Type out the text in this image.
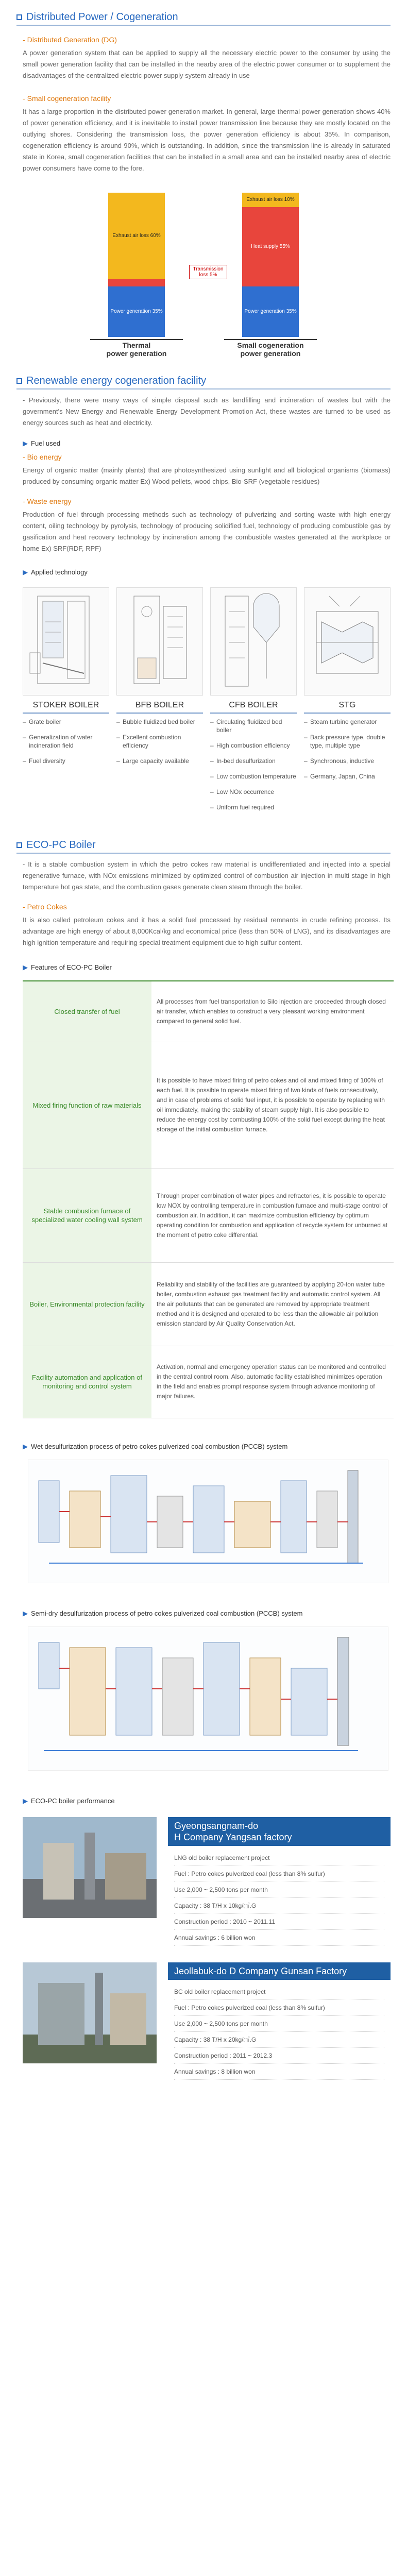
Distributed Power / Cogeneration
- Distributed Generation (DG)

A power generation system that can be applied to supply all the necessary electric power to the consumer by using the small power generation facility that can be installed in the nearby area of the electric power consumer or to supplement the disadvantages of the centralized electric power supply system already in use

- Small cogeneration facility

It has a large proportion in the distributed power generation market. In general, large thermal power generation shows 40% of power generation efficiency, and it is inevitable to install power transmission line because they are mostly located on the outlying shores. Considering the transmission loss, the power generation efficiency is about 35%. In comparison, cogeneration efficiency is around 90%, which is outstanding. In addition, since the transmission line is already in saturated state in Korea, small cogeneration facilities that can be installed in a small area and can be installed nearby area of electric power consumers have come to the fore.

Exhaust air loss 60%
Power generation 35%
Thermal
power generation
Transmission loss 5%
Exhaust air loss 10%
Heat supply 55%
Power generation 35%
Small cogeneration
power generation
Renewable energy cogeneration facility

- Previously, there were many ways of simple disposal such as landfilling and incineration of wastes but with the government's New Energy and Renewable Energy Development Promotion Act, these wastes are turned to be used as energy sources such as heat and electricity.

▶ Fuel used
- Bio energy

Energy of organic matter (mainly plants) that are photosynthesized using sunlight and all biological organisms (biomass) produced by consuming organic matter Ex) Wood pellets, wood chips, Bio-SRF (vegetable residues)

- Waste energy

Production of fuel through processing methods such as technology of pulverizing and sorting waste with high energy content, oiling technology by pyrolysis, technology of producing solidified fuel, technology of producing combustible gas by gasification and heat recovery technology by incineration among the combustible wastes generated at the workplace or home Ex) SRF(RDF, RPF)

▶ Applied technology
STOKER BOILER
– Grate boiler
– Generalization of water incineration field
– Fuel diversity
BFB BOILER
– Bubble fluidized bed boiler
– Excellent combustion efficiency
– Large capacity available
CFB BOILER
– Circulating fluidized bed boiler
– High combustion efficiency
– In-bed desulfurization
– Low combustion temperature
– Low NOx occurrence
– Uniform fuel required
STG
– Steam turbine generator
– Back pressure type, double type, multiple type
– Synchronous, inductive
– Germany, Japan, China
ECO-PC Boiler

- It is a stable combustion system in which the petro cokes raw material is undifferentiated and injected into a special regenerative furnace, with NOx emissions minimized by optimized control of combustion air injection in multi stage in high temperature hot gas state, and the combustion gases generate clean steam through the boiler.

- Petro Cokes

It is also called petroleum cokes and it has a solid fuel processed by residual remnants in crude refining process. Its advantage are high energy of about 8,000Kcal/kg and economical price (less than 50% of LNG), and its disadvantages are high ignition temperature and requiring special treatment equipment due to high sulfur content.

▶ Features of ECO-PC Boiler
Closed transfer of fuel	All processes from fuel transportation to Silo injection are proceeded through closed air transfer, which enables to construct a very pleasant working environment compared to general solid fuel.
Mixed firing function of raw materials	It is possible to have mixed firing of petro cokes and oil and mixed firing of 100% of each fuel. It is possible to operate mixed firing of two kinds of fuels consecutively, and in case of problems of solid fuel input, it is possible to operate by replacing with oil immediately, making the stability of steam supply high. It is also possible to reduce the energy cost by combusting 100% of the solid fuel except during the heat storage of the initial combustion furnace.
Stable combustion furnace of specialized water cooling wall system	Through proper combination of water pipes and refractories, it is possible to operate low NOX by controlling temperature in combustion furnace and multi-stage control of combustion air. In addition, it can maximize combustion efficiency by optimum operating condition for combustion and application of recycle system for unburned at the moment of petro coke differential.
Boiler, Environmental protection facility	Reliability and stability of the facilities are guaranteed by applying 20-ton water tube boiler, combustion exhaust gas treatment facility and automatic control system. All the air pollutants that can be generated are removed by appropriate treatment method and it is designed and operated to be less than the allowable air pollution emission standard by Air Quality Conservation Act.
Facility automation and application of monitoring and control system	Activation, normal and emergency operation status can be monitored and controlled in the central control room. Also, automatic facility established minimizes operation in the field and enables prompt response system through advance monitoring of major failures.
▶ Wet desulfurization process of petro cokes pulverized coal combustion (PCCB) system
▶ Semi-dry desulfurization process of petro cokes pulverized coal combustion (PCCB) system
▶ ECO-PC boiler performance
Gyeongsangnam-do
H Company Yangsan factory
LNG old boiler replacement project
Fuel : Petro cokes pulverized coal (less than 8% sulfur)
Use 2,000 ~ 2,500 tons per month
Capacity : 38 T/H x 10kg/㎠.G
Construction period : 2010 ~ 2011.11
Annual savings : 6 billion won
Jeollabuk-do D Company Gunsan Factory
BC old boiler replacement project
Fuel : Petro cokes pulverized coal (less than 8% sulfur)
Use 2,000 ~ 2,500 tons per month
Capacity : 38 T/H x 20kg/㎠.G
Construction period : 2011 ~ 2012.3
Annual savings : 8 billion won
